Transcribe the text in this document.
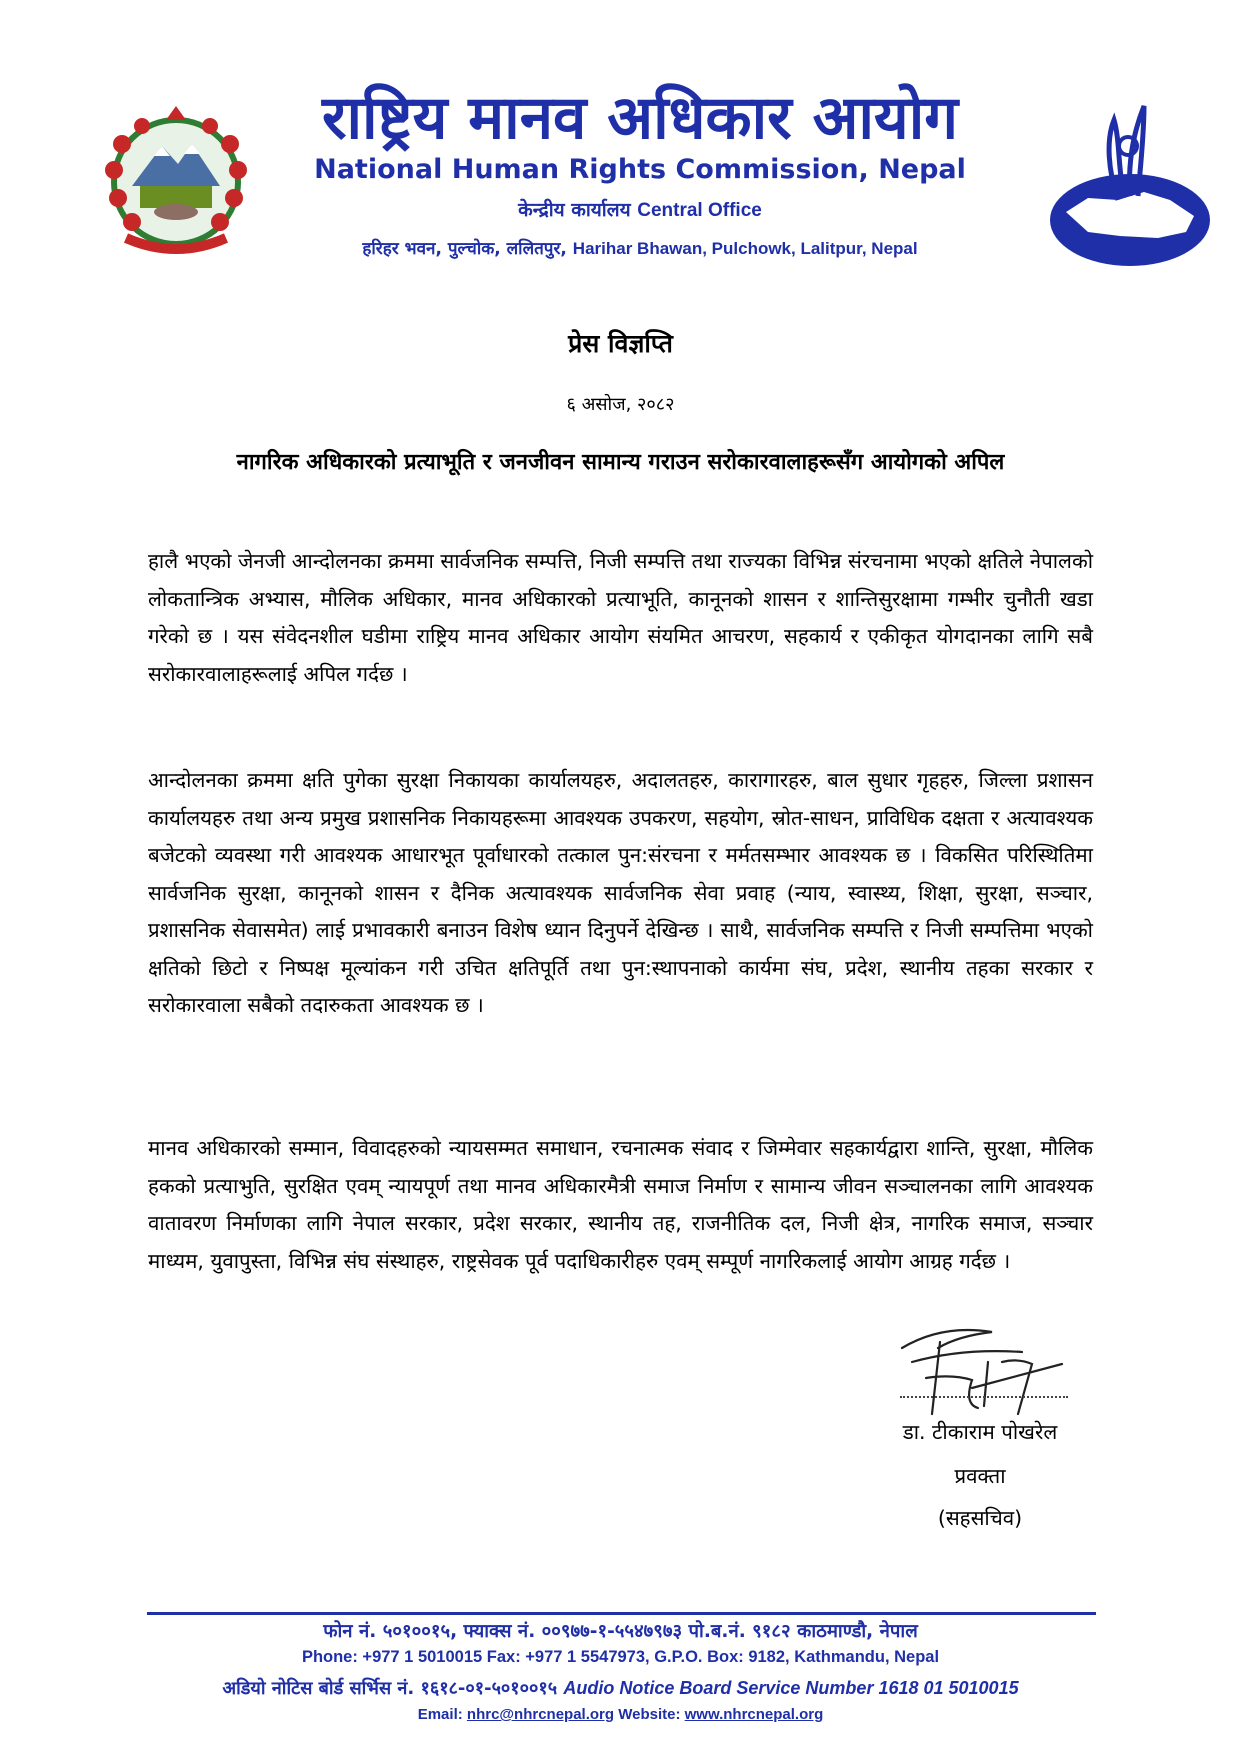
राष्ट्रिय मानव अधिकार आयोग
National Human Rights Commission, Nepal
केन्द्रीय कार्यालय Central Office
हरिहर भवन, पुल्चोक, ललितपुर, Harihar Bhawan, Pulchowk, Lalitpur, Nepal
प्रेस विज्ञप्ति
६ असोज, २०८२
नागरिक अधिकारको प्रत्याभूति र जनजीवन सामान्य गराउन सरोकारवालाहरूसँग आयोगको अपिल
हालै भएको जेनजी आन्दोलनका क्रममा सार्वजनिक सम्पत्ति, निजी सम्पत्ति तथा राज्यका विभिन्न संरचनामा भएको क्षतिले नेपालको लोकतान्त्रिक अभ्यास, मौलिक अधिकार, मानव अधिकारको प्रत्याभूति, कानूनको शासन र शान्तिसुरक्षामा गम्भीर चुनौती खडा गरेको छ । यस संवेदनशील घडीमा राष्ट्रिय मानव अधिकार आयोग संयमित आचरण, सहकार्य र एकीकृत योगदानका लागि सबै सरोकारवालाहरूलाई अपिल गर्दछ ।
आन्दोलनका क्रममा क्षति पुगेका सुरक्षा निकायका कार्यालयहरु, अदालतहरु, कारागारहरु, बाल सुधार गृहहरु, जिल्ला प्रशासन कार्यालयहरु तथा अन्य प्रमुख प्रशासनिक निकायहरूमा आवश्यक उपकरण, सहयोग, स्रोत-साधन, प्राविधिक दक्षता र अत्यावश्यक बजेटको व्यवस्था गरी आवश्यक आधारभूत पूर्वाधारको तत्काल पुन:संरचना र मर्मतसम्भार आवश्यक छ । विकसित परिस्थितिमा सार्वजनिक सुरक्षा, कानूनको शासन र दैनिक अत्यावश्यक सार्वजनिक सेवा प्रवाह (न्याय, स्वास्थ्य, शिक्षा, सुरक्षा, सञ्चार, प्रशासनिक सेवासमेत) लाई प्रभावकारी बनाउन विशेष ध्यान दिनुपर्ने देखिन्छ । साथै, सार्वजनिक सम्पत्ति र निजी सम्पत्तिमा भएको क्षतिको छिटो र निष्पक्ष मूल्यांकन गरी उचित क्षतिपूर्ति तथा पुन:स्थापनाको कार्यमा संघ, प्रदेश, स्थानीय तहका सरकार र सरोकारवाला सबैको तदारुकता आवश्यक छ ।
मानव अधिकारको सम्मान, विवादहरुको न्यायसम्मत समाधान, रचनात्मक संवाद र जिम्मेवार सहकार्यद्वारा शान्ति, सुरक्षा, मौलिक हकको प्रत्याभुति, सुरक्षित एवम् न्यायपूर्ण तथा मानव अधिकारमैत्री समाज निर्माण र सामान्य जीवन सञ्चालनका लागि आवश्यक वातावरण निर्माणका लागि नेपाल सरकार, प्रदेश सरकार, स्थानीय तह, राजनीतिक दल, निजी क्षेत्र, नागरिक समाज, सञ्चार माध्यम, युवापुस्ता, विभिन्न संघ संस्थाहरु, राष्ट्रसेवक पूर्व पदाधिकारीहरु एवम् सम्पूर्ण नागरिकलाई आयोग आग्रह गर्दछ ।
डा. टीकाराम पोखरेल
प्रवक्ता
(सहसचिव)
फोन नं. ५०१००१५, फ्याक्स नं. ००९७७-१-५५४७९७३ पो.ब.नं. ९१८२ काठमाण्डौ, नेपाल
Phone: +977 1 5010015 Fax: +977 1 5547973, G.P.O. Box: 9182, Kathmandu, Nepal
अडियो नोटिस बोर्ड सर्भिस नं. १६१८-०१-५०१००१५ Audio Notice Board Service Number 1618 01 5010015
Email: nhrc@nhrcnepal.org Website: www.nhrcnepal.org
